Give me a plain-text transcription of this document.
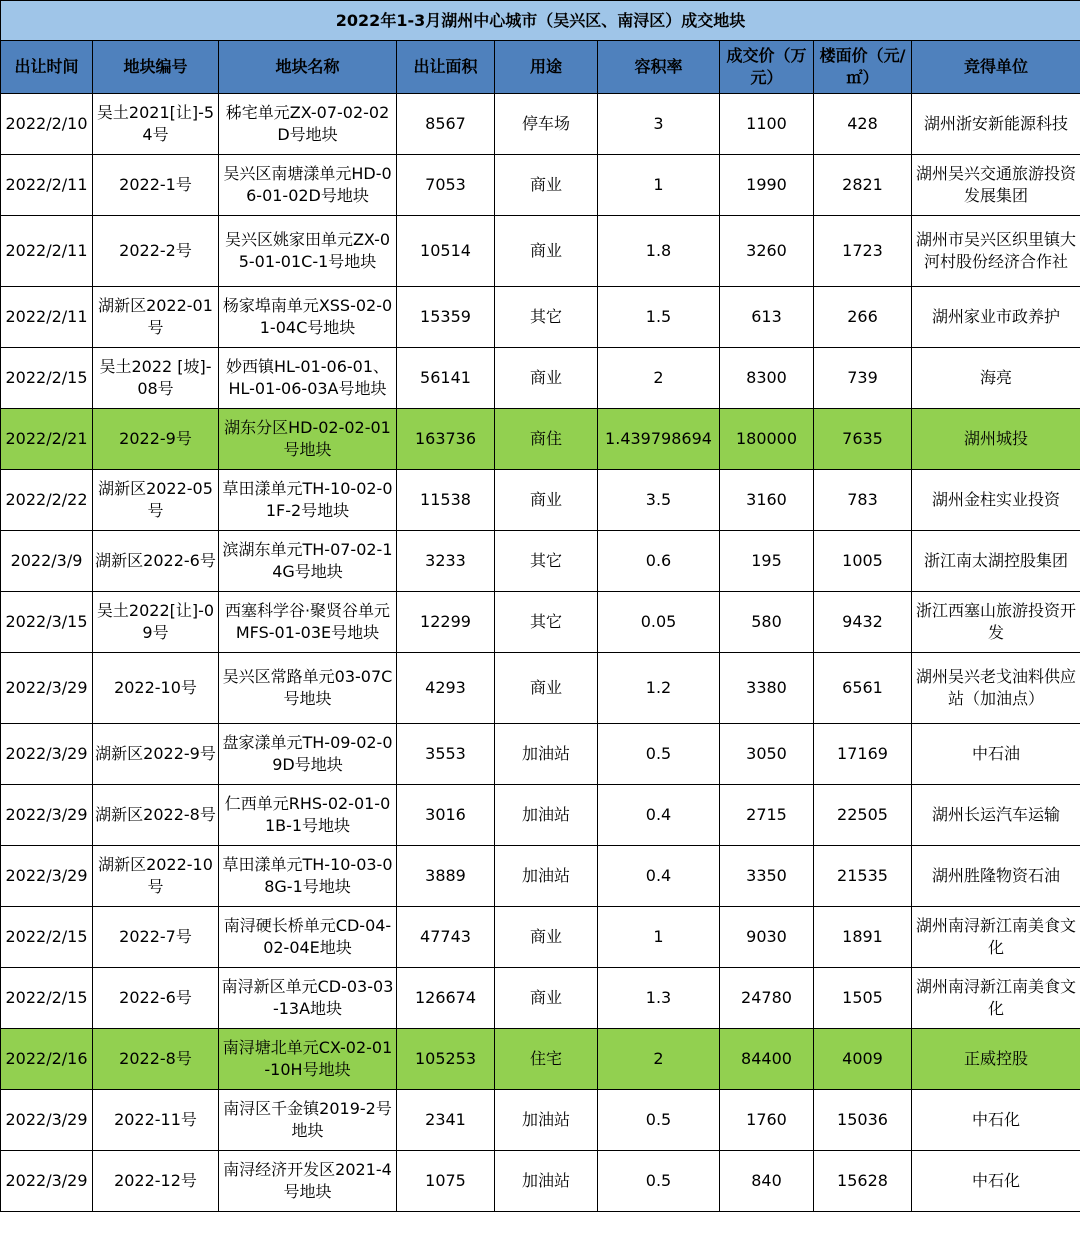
2022年1-3月湖州中心城市（吴兴区、南浔区）成交地块								
出让时间	地块编号	地块名称	出让面积	用途	容积率	成交价（万元）	楼面价（元/㎡）	竞得单位
2022/2/10	吴土2021[让]-54号	秭宅单元ZX-07-02-02D号地块	8567	停车场	3	1100	428	湖州浙安新能源科技
2022/2/11	2022-1号	吴兴区南塘漾单元HD-06-01-02D号地块	7053	商业	1	1990	2821	湖州吴兴交通旅游投资发展集团
2022/2/11	2022-2号	吴兴区姚家田单元ZX-05-01-01C-1号地块	10514	商业	1.8	3260	1723	湖州市吴兴区织里镇大河村股份经济合作社
2022/2/11	湖新区2022-01号	杨家埠南单元XSS-02-01-04C号地块	15359	其它	1.5	613	266	湖州家业市政养护
2022/2/15	吴土2022 [坡]-08号	妙西镇HL-01-06-01、HL-01-06-03A号地块	56141	商业	2	8300	739	海亮
2022/2/21	2022-9号	湖东分区HD-02-02-01号地块	163736	商住	1.439798694	180000	7635	湖州城投
2022/2/22	湖新区2022-05号	草田漾单元TH-10-02-01F-2号地块	11538	商业	3.5	3160	783	湖州金柱实业投资
2022/3/9	湖新区2022-6号	滨湖东单元TH-07-02-14G号地块	3233	其它	0.6	195	1005	浙江南太湖控股集团
2022/3/15	吴土2022[让]-09号	西塞科学谷·聚贤谷单元MFS-01-03E号地块	12299	其它	0.05	580	9432	浙江西塞山旅游投资开发
2022/3/29	2022-10号	吴兴区常路单元03-07C号地块	4293	商业	1.2	3380	6561	湖州吴兴老戈油料供应站（加油点）
2022/3/29	湖新区2022-9号	盘家漾单元TH-09-02-09D号地块	3553	加油站	0.5	3050	17169	中石油
2022/3/29	湖新区2022-8号	仁西单元RHS-02-01-01B-1号地块	3016	加油站	0.4	2715	22505	湖州长运汽车运输
2022/3/29	湖新区2022-10号	草田漾单元TH-10-03-08G-1号地块	3889	加油站	0.4	3350	21535	湖州胜隆物资石油
2022/2/15	2022-7号	南浔硬长桥单元CD-04-02-04E地块	47743	商业	1	9030	1891	湖州南浔新江南美食文化
2022/2/15	2022-6号	南浔新区单元CD-03-03-13A地块	126674	商业	1.3	24780	1505	湖州南浔新江南美食文化
2022/2/16	2022-8号	南浔塘北单元CX-02-01-10H号地块	105253	住宅	2	84400	4009	正威控股
2022/3/29	2022-11号	南浔区千金镇2019-2号地块	2341	加油站	0.5	1760	15036	中石化
2022/3/29	2022-12号	南浔经济开发区2021-4号地块	1075	加油站	0.5	840	15628	中石化
